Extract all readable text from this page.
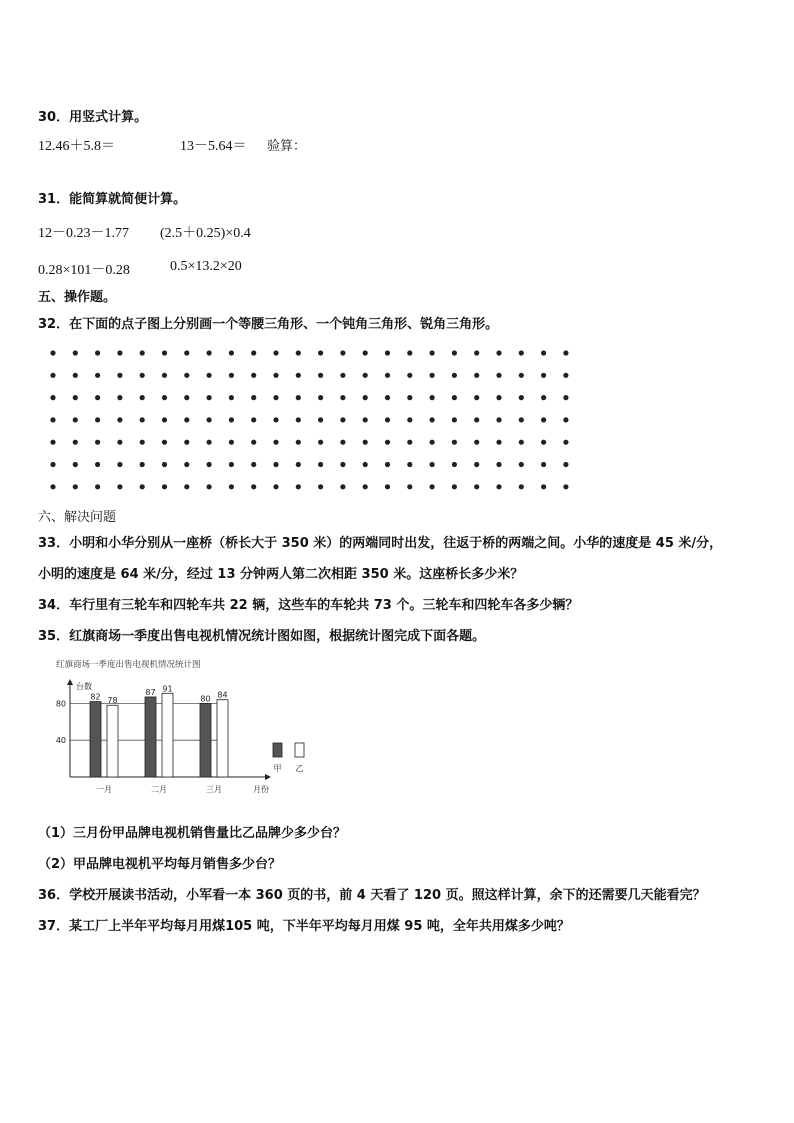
30．用竖式计算。
12.46＋5.8＝	13－5.64＝ 验算：
31．能简算就简便计算。
12－0.23－1.77 (2.5＋0.25)×0.4
0.28×101－0.28	0.5×13.2×20
五、操作题。
32．在下面的点子图上分别画一个等腰三角形、一个钝角三角形、锐角三角形。
六、解决问题
33．小明和小华分别从一座桥（桥长大于 350 米）的两端同时出发，往返于桥的两端之间。小华的速度是 45 米/分，
小明的速度是 64 米/分，经过 13 分钟两人第二次相距 350 米。这座桥长多少米？
34．车行里有三轮车和四轮车共 22 辆，这些车的车轮共 73 个。三轮车和四轮车各多少辆？
35．红旗商场一季度出售电视机情况统计图如图，根据统计图完成下面各题。
红旗商场一季度出售电视机情况统计图
台数
月份
40
80
82 78
一月
87 91
二月
80 84
三月
甲 乙
（1）三月份甲品牌电视机销售量比乙品牌少多少台？
（2）甲品牌电视机平均每月销售多少台？
36．学校开展读书活动，小军看一本 360 页的书，前 4 天看了 120 页。照这样计算，余下的还需要几天能看完？
37．某工厂上半年平均每月用煤105 吨，下半年平均每月用煤 95 吨，全年共用煤多少吨？
